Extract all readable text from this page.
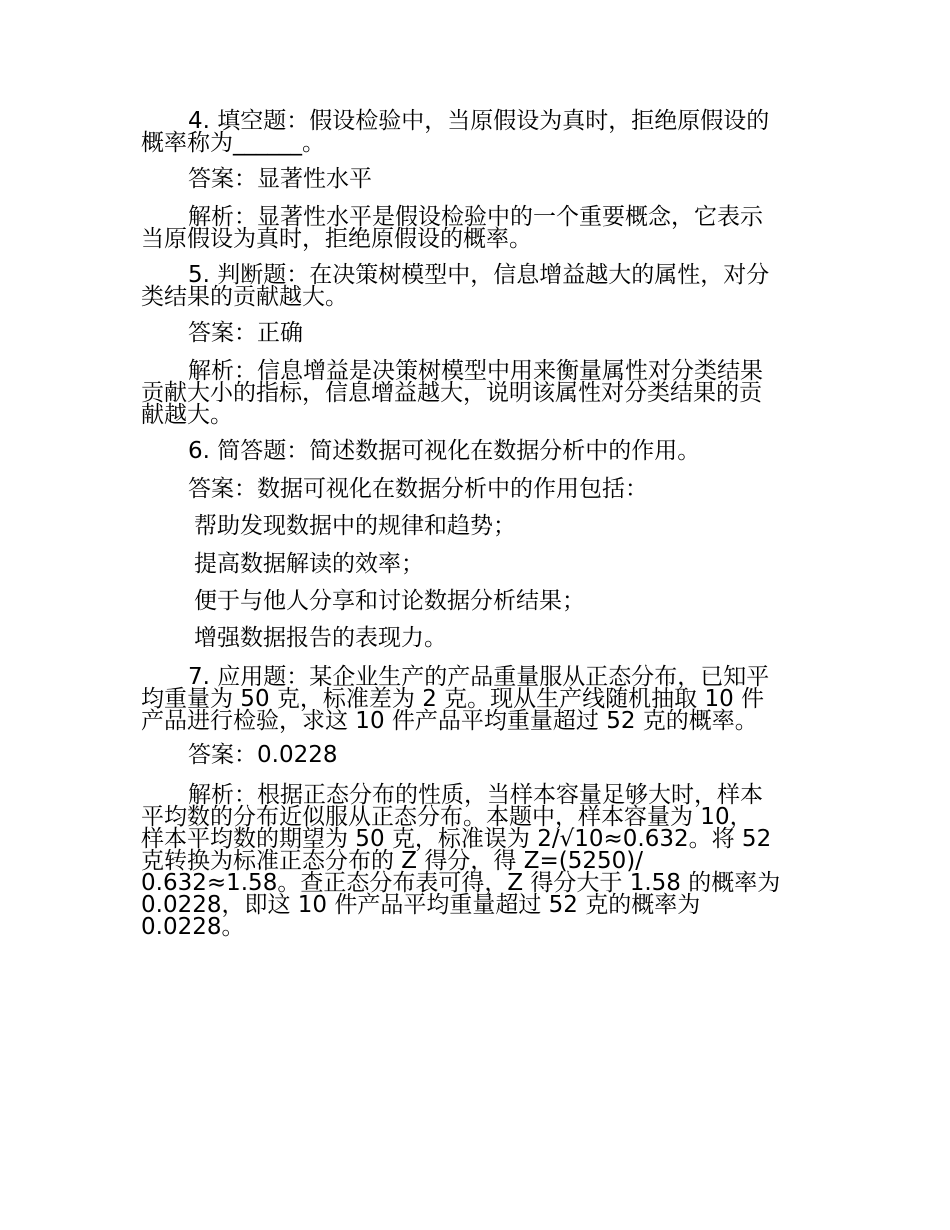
4. 填空题：假设检验中，当原假设为真时，拒绝原假设的
概率称为______。
答案：显著性水平
解析：显著性水平是假设检验中的一个重要概念，它表示
当原假设为真时，拒绝原假设的概率。
5. 判断题：在决策树模型中，信息增益越大的属性，对分
类结果的贡献越大。
答案：正确
解析：信息增益是决策树模型中用来衡量属性对分类结果
贡献大小的指标，信息增益越大，说明该属性对分类结果的贡
献越大。
6. 简答题：简述数据可视化在数据分析中的作用。
答案：数据可视化在数据分析中的作用包括：
帮助发现数据中的规律和趋势；
提高数据解读的效率；
便于与他人分享和讨论数据分析结果；
增强数据报告的表现力。
7. 应用题：某企业生产的产品重量服从正态分布，已知平
均重量为 50 克，标准差为 2 克。现从生产线随机抽取 10 件
产品进行检验，求这 10 件产品平均重量超过 52 克的概率。
答案：0.0228
解析：根据正态分布的性质，当样本容量足够大时，样本
平均数的分布近似服从正态分布。本题中，样本容量为 10，
样本平均数的期望为 50 克，标准误为 2/√10≈0.632。将 52
克转换为标准正态分布的 Z 得分，得 Z=(5250)/
0.632≈1.58。查正态分布表可得，Z 得分大于 1.58 的概率为
0.0228，即这 10 件产品平均重量超过 52 克的概率为
0.0228。
